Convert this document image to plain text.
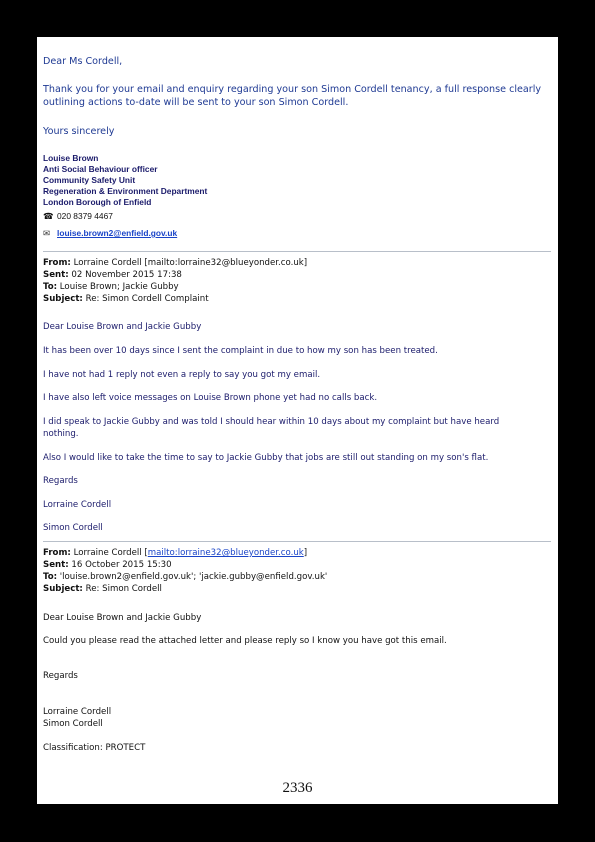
Dear Ms Cordell,
Thank you for your email and enquiry regarding your son Simon Cordell tenancy, a full response clearly
outlining actions to-date will be sent to your son Simon Cordell.
Yours sincerely
Louise Brown
Anti Social Behaviour officer
Community Safety Unit
Regeneration & Environment Department
London Borough of Enfield
☎ 020 8379 4467
✉ louise.brown2@enfield.gov.uk
From: Lorraine Cordell [mailto:lorraine32@blueyonder.co.uk]
Sent: 02 November 2015 17:38
To: Louise Brown; Jackie Gubby
Subject: Re: Simon Cordell Complaint
Dear Louise Brown and Jackie Gubby
It has been over 10 days since I sent the complaint in due to how my son has been treated.
I have not had 1 reply not even a reply to say you got my email.
I have also left voice messages on Louise Brown phone yet had no calls back.
I did speak to Jackie Gubby and was told I should hear within 10 days about my complaint but have heard
nothing.
Also I would like to take the time to say to Jackie Gubby that jobs are still out standing on my son's flat.
Regards
Lorraine Cordell
Simon Cordell
From: Lorraine Cordell [mailto:lorraine32@blueyonder.co.uk]
Sent: 16 October 2015 15:30
To: 'louise.brown2@enfield.gov.uk'; 'jackie.gubby@enfield.gov.uk'
Subject: Re: Simon Cordell
Dear Louise Brown and Jackie Gubby
Could you please read the attached letter and please reply so I know you have got this email.
Regards
Lorraine Cordell
Simon Cordell
Classification: PROTECT
2336
